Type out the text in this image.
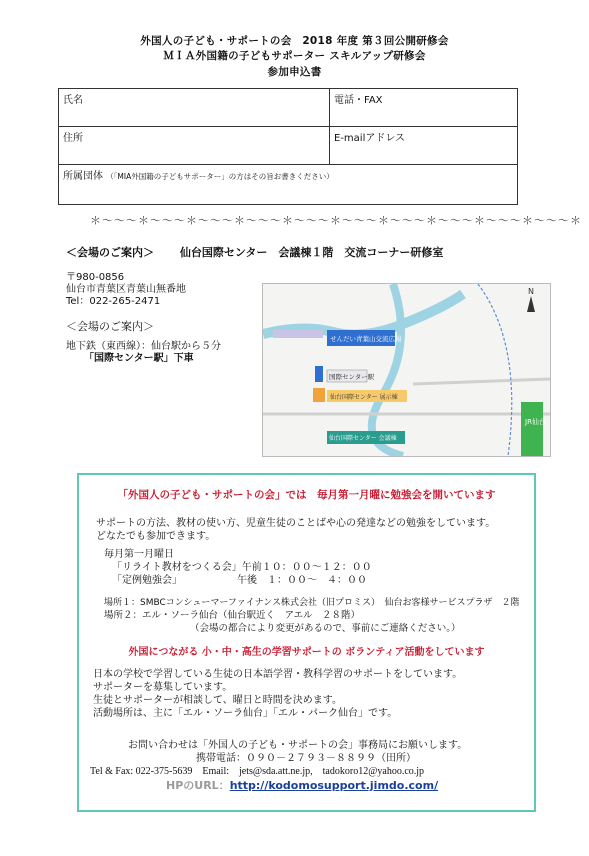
外国人の子ども・サポートの会　2018 年度 第３回公開研修会
ＭＩＡ外国籍の子どもサポーター スキルアップ研修会
参加申込書
氏名	電話・FAX
住所	E-mailアドレス
所属団体 （「MIA外国籍の子どもサポーター」の方はその旨お書きください）	
＊～～～＊～～～＊～～～＊～～～＊～～～＊～～～＊～～～＊～～～＊～～～＊～～～＊
＜会場のご案内＞ 仙台国際センター　会議棟１階　交流コーナー研修室
〒980-0856
仙台市青葉区青葉山無番地
Tel：022-265-2471
＜会場のご案内＞
地下鉄（東西線）：仙台駅から５分
「国際センター駅」下車
せんだい青葉山交流広場
国際センター駅
仙台国際センター 展示棟
仙台国際センター 会議棟
JR仙台
N
「外国人の子ども・サポートの会」では　毎月第一月曜に勉強会を開いています
サポートの方法、教材の使い方、児童生徒のことばや心の発達などの勉強をしています。
どなたでも参加できます。
毎月第一月曜日
「リライト教材をつくる会」午前１０：００～１２：００
「定例勉強会」　　　　　　午後　１：００～　４：００
場所１：SMBCコンシューマーファイナンス株式会社（旧プロミス）　仙台お客様サービスプラザ　２階
場所２：エル・ソーラ仙台（仙台駅近く　アエル　２８階）
（会場の都合により変更があるので、事前にご連絡ください。）
外国につながる 小・中・高生の学習サポートの ボランティア活動をしています
日本の学校で学習している生徒の日本語学習・教科学習のサポートをしています。
サポーターを募集しています。
生徒とサポーターが相談して、曜日と時間を決めます。
活動場所は、主に「エル・ソーラ仙台」「エル・パーク仙台」です。
お問い合わせは「外国人の子ども・サポートの会」事務局にお願いします。
携帯電話：０９０－２７９３－８８９９（田所）
Tel & Fax: 022-375-5639　Email:　jets@sda.att.ne.jp,　tadokoro12@yahoo.co.jp
HPのURL：http://kodomosupport.jimdo.com/
